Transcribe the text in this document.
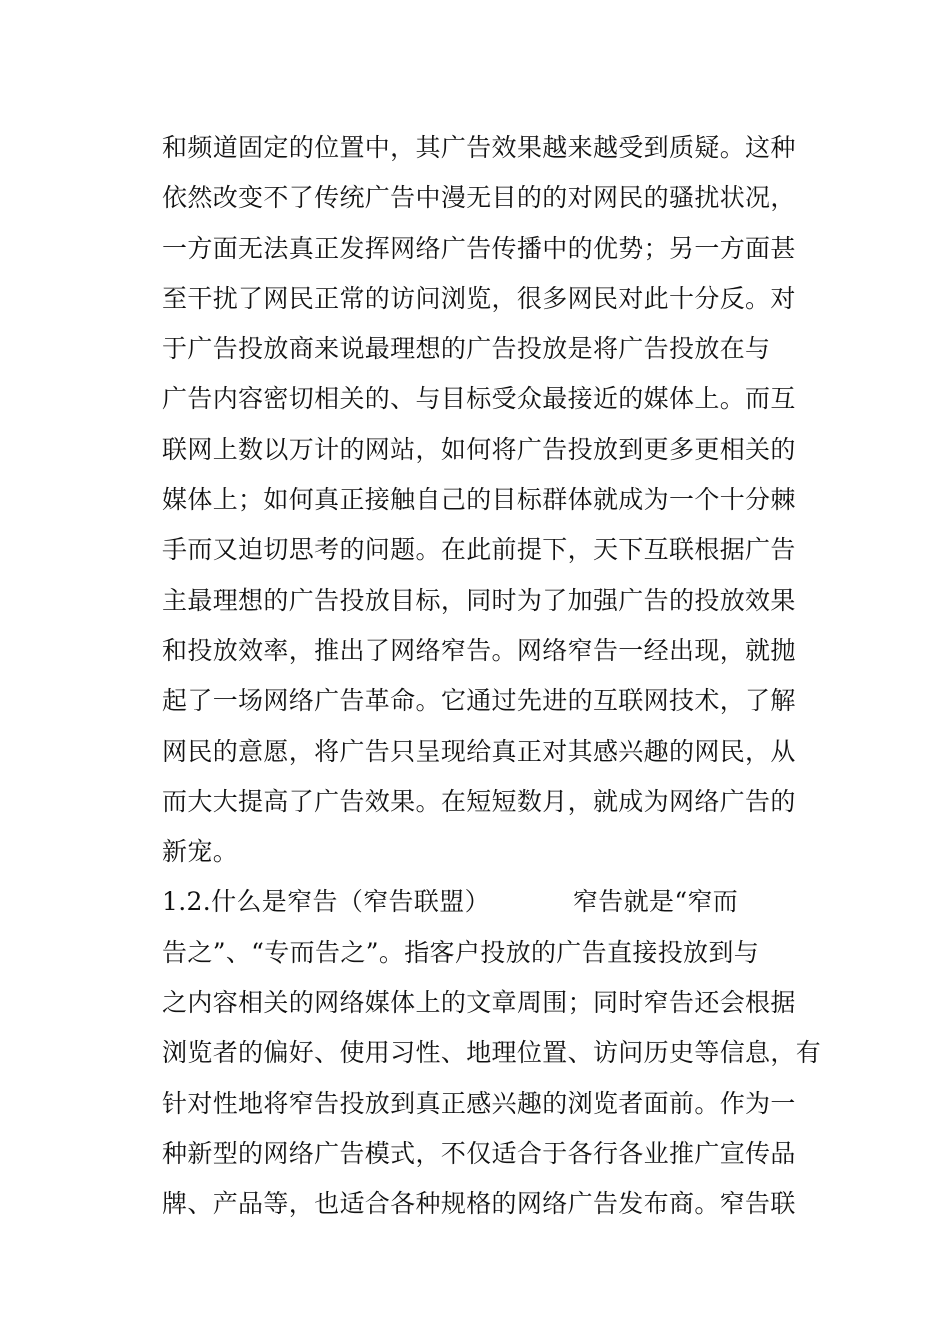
和频道固定的位置中，其广告效果越来越受到质疑。这种
依然改变不了传统广告中漫无目的的对网民的骚扰状况，
一方面无法真正发挥网络广告传播中的优势；另一方面甚
至干扰了网民正常的访问浏览，很多网民对此十分反。对
于广告投放商来说最理想的广告投放是将广告投放在与
广告内容密切相关的、与目标受众最接近的媒体上。而互
联网上数以万计的网站，如何将广告投放到更多更相关的
媒体上；如何真正接触自己的目标群体就成为一个十分棘
手而又迫切思考的问题。在此前提下，天下互联根据广告
主最理想的广告投放目标，同时为了加强广告的投放效果
和投放效率，推出了网络窄告。网络窄告一经出现，就抛
起了一场网络广告革命。它通过先进的互联网技术，了解
网民的意愿，将广告只呈现给真正对其感兴趣的网民，从
而大大提高了广告效果。在短短数月，就成为网络广告的
新宠。
1.2.什么是窄告（窄告联盟）          窄告就是“窄而
告之”、“专而告之”。指客户投放的广告直接投放到与
之内容相关的网络媒体上的文章周围；同时窄告还会根据
浏览者的偏好、使用习性、地理位置、访问历史等信息，有
针对性地将窄告投放到真正感兴趣的浏览者面前。作为一
种新型的网络广告模式，不仅适合于各行各业推广宣传品
牌、产品等，也适合各种规格的网络广告发布商。窄告联
